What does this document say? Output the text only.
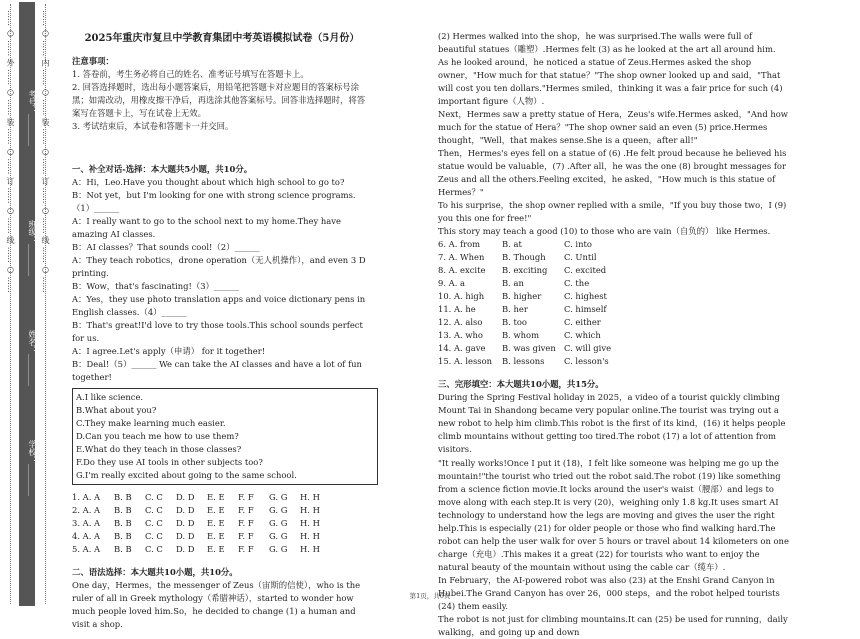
…… ○ …… 外 …… ○ …… 装 …… ○ …… 订 …… ○ …… 线 …… ○ ……	…… ○ …… 内 …… ○ …… 装 …… ○ …… 订 …… ○ …… 线 …… ○ ……
考号：________
班级：________
姓名：________
学校：________

2025年重庆市复旦中学教育集团中考英语模拟试卷（5月份）

注意事项：

1. 答卷前，考生务必将自己的姓名、准考证号填写在答题卡上。

2. 回答选择题时，选出每小题答案后，用铅笔把答题卡对应题目的答案标号涂黑；如需改动，用橡皮擦干净后，再选涂其他答案标号。回答非选择题时，将答案写在答题卡上，写在试卷上无效。

3. 考试结束后，本试卷和答题卡一并交回。

一、补全对话-选择：本大题共5小题，共10分。

A：Hi，Leo.Have you thought about which high school to go to?

B：Not yet，but I'm looking for one with strong science programs.（1）______

A：I really want to go to the school next to my home.They have amazing AI classes.

B：AI classes？That sounds cool!（2）______

A：They teach robotics，drone operation（无人机操作），and even 3 D printing.

B：Wow，that's fascinating!（3）______

A：Yes，they use photo translation apps and voice dictionary pens in English classes.（4）______

B：That's great!I'd love to try those tools.This school sounds perfect for us.

A：I agree.Let's apply（申请） for it together!

B：Deal!（5）______ We can take the AI classes and have a lot of fun together!

A.I like science.

B.What about you?

C.They make learning much easier.

D.Can you teach me how to use them?

E.What do they teach in those classes?

F.Do they use AI tools in other subjects too?

G.I'm really excited about going to the same school.

1. A. A	B. B	C. C	D. D	E. E	F. F	G. G	H. H
2. A. A	B. B	C. C	D. D	E. E	F. F	G. G	H. H
3. A. A	B. B	C. C	D. D	E. E	F. F	G. G	H. H
4. A. A	B. B	C. C	D. D	E. E	F. F	G. G	H. H
5. A. A	B. B	C. C	D. D	E. E	F. F	G. G	H. H

二、语法选择：本大题共10小题，共10分。

One day，Hermes，the messenger of Zeus（宙斯的信使），who is the ruler of all in Greek mythology（希腊神话），started to wonder how much people loved him.So，he decided to change (1) a human and visit a shop.

(2) Hermes walked into the shop，he was surprised.The walls were full of beautiful statues（雕塑）.Hermes felt (3) as he looked at the art all around him.

As he looked around，he noticed a statue of Zeus.Hermes asked the shop owner，"How much for that statue？"The shop owner looked up and said，"That will cost you ten dollars."Hermes smiled，thinking it was a fair price for such (4) important figure（人物）.

Next，Hermes saw a pretty statue of Hera，Zeus's wife.Hermes asked，"And how much for the statue of Hera？"The shop owner said an even (5) price.Hermes thought，"Well，that makes sense.She is a queen，after all!"

Then，Hermes's eyes fell on a statue of (6) .He felt proud because he believed his statue would be valuable，(7) .After all，he was the one (8) brought messages for Zeus and all the others.Feeling excited，he asked，"How much is this statue of Hermes？"

To his surprise，the shop owner replied with a smile，"If you buy those two，I (9) you this one for free!"

This story may teach a good (10) to those who are vain（自负的） like Hermes.

6. A. from	B. at	C. into
7. A. When	B. Though	C. Until
8. A. excite	B. exciting	C. excited
9. A. a	B. an	C. the
10. A. high	B. higher	C. highest
11. A. he	B. her	C. himself
12. A. also	B. too	C. either
13. A. who	B. whom	C. which
14. A. gave	B. was given C. will give
15. A. lesson	B. lessons	C. lesson's

三、完形填空：本大题共10小题，共15分。

During the Spring Festival holiday in 2025，a video of a tourist quickly climbing Mount Tai in Shandong became very popular online.The tourist was trying out a new robot to help him climb.This robot is the first of its kind，(16) it helps people climb mountains without getting too tired.The robot (17) a lot of attention from visitors.

"It really works!Once I put it (18)，I felt like someone was helping me go up the mountain!"the tourist who tried out the robot said.The robot (19) like something from a science fiction movie.It locks around the user's waist（腰部）and legs to move along with each step.It is very (20)，weighing only 1.8 kg.It uses smart AI technology to understand how the legs are moving and gives the user the right help.This is especially (21) for older people or those who find walking hard.The robot can help the user walk for over 5 hours or travel about 14 kilometers on one charge（充电）.This makes it a great (22) for tourists who want to enjoy the natural beauty of the mountain without using the cable car（缆车）.

In February，the AI-powered robot was also (23) at the Enshi Grand Canyon in Hubei.The Grand Canyon has over 26，000 steps，and the robot helped tourists (24) them easily.

The robot is not just for climbing mountains.It can (25) be used for running，daily walking，and going up and down

第1页，共6页
